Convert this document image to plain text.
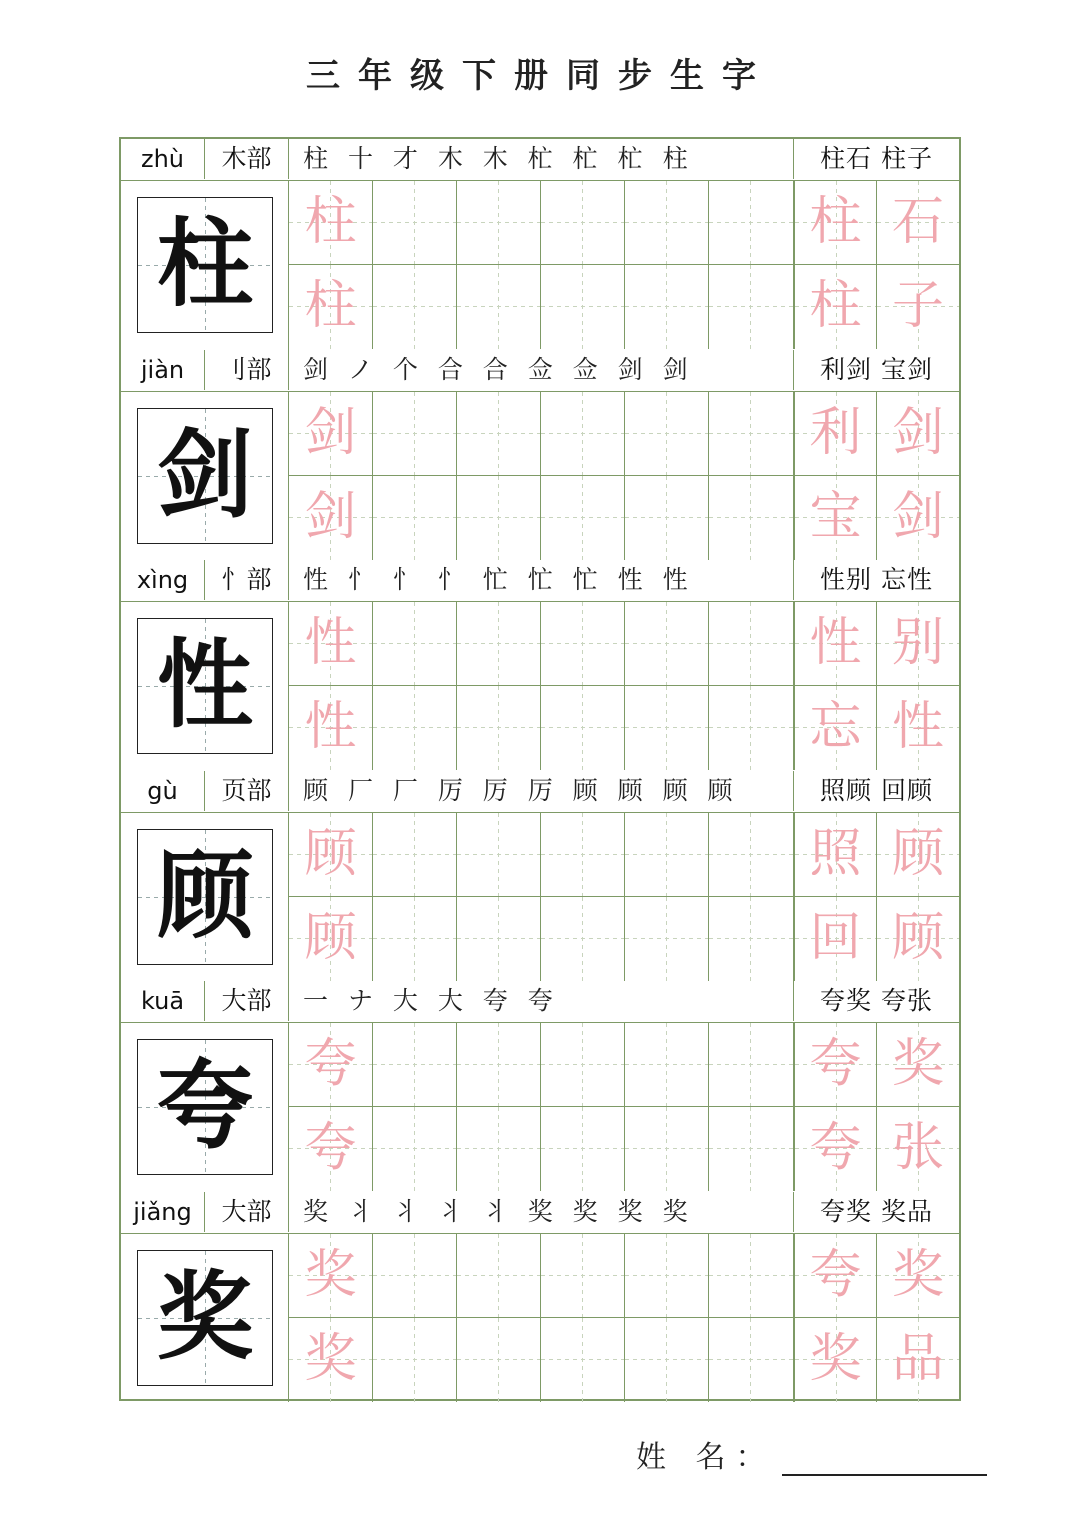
三年级下册同步生字
zhù	木部	柱 十 才 木 木 杧 杧 杧 柱	柱石 柱子
柱 柱	柱 石
柱	柱 子
jiàn	刂部	剑 ノ 个 合 合 佥 佥 剑 剑	利剑 宝剑
剑 剑	利 剑
剑	宝 剑
xìng	忄部	性 忄 忄 忄 忙 忙 忙 性 性	性别 忘性
性 性	性 别
性	忘 性
gù	页部	顾 厂 厂 厉 厉 厉 顾 顾 顾 顾	照顾 回顾
顾 顾	照 顾
顾	回 顾
kuā	大部	一 ナ 大 大 夸 夸	夸奖 夸张
夸 夸	夸 奖
夸	夸 张
jiǎng	大部	奖 丬 丬 丬 丬 奖 奖 奖 奖	夸奖 奖品
奖 奖	夸 奖
奖	奖 品
姓 名：
